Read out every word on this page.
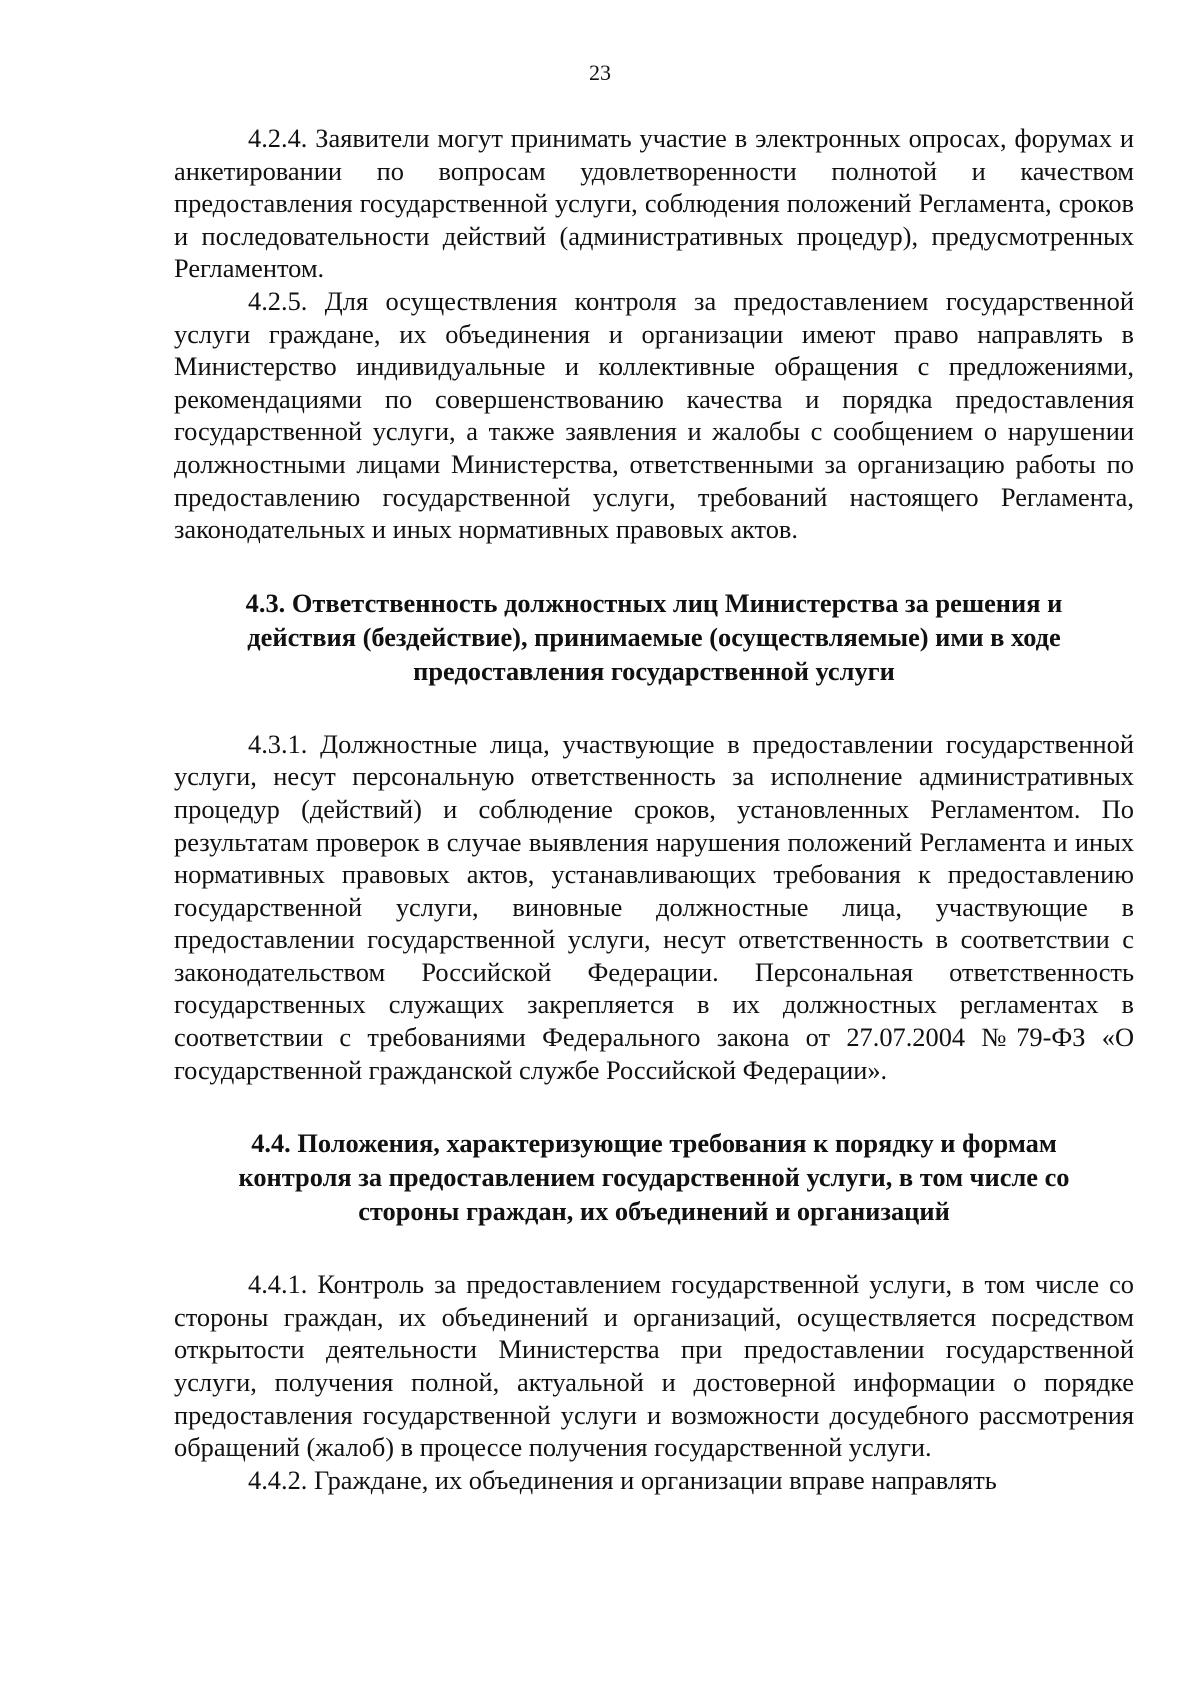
23

4.2.4. Заявители могут принимать участие в электронных опросах, форумах и анкетировании по вопросам удовлетворенности полнотой и качеством предоставления государственной услуги, соблюдения положений Регламента, сроков и последовательности действий (административных процедур), предусмотренных Регламентом.

4.2.5. Для осуществления контроля за предоставлением государственной услуги граждане, их объединения и организации имеют право направлять в Министерство индивидуальные и коллективные обращения с предложениями, рекомендациями по совершенствованию качества и порядка предоставления государственной услуги, а также заявления и жалобы с сообщением о нарушении должностными лицами Министерства, ответственными за организацию работы по предоставлению государственной услуги, требований настоящего Регламента, законодательных и иных нормативных правовых актов.

4.3. Ответственность должностных лиц Министерства за решения и действия (бездействие), принимаемые (осуществляемые) ими в ходе предоставления государственной услуги

4.3.1. Должностные лица, участвующие в предоставлении государственной услуги, несут персональную ответственность за исполнение административных процедур (действий) и соблюдение сроков, установленных Регламентом. По результатам проверок в случае выявления нарушения положений Регламента и иных нормативных правовых актов, устанавливающих требования к предоставлению государственной услуги, виновные должностные лица, участвующие в предоставлении государственной услуги, несут ответственность в соответствии с законодательством Российской Федерации. Персональная ответственность государственных служащих закрепляется в их должностных регламентах в соответствии с требованиями Федерального закона от 27.07.2004 №79-ФЗ «О государственной гражданской службе Российской Федерации».

4.4. Положения, характеризующие требования к порядку и формам контроля за предоставлением государственной услуги, в том числе со стороны граждан, их объединений и организаций

4.4.1. Контроль за предоставлением государственной услуги, в том числе со стороны граждан, их объединений и организаций, осуществляется посредством открытости деятельности Министерства при предоставлении государственной услуги, получения полной, актуальной и достоверной информации о порядке предоставления государственной услуги и возможности досудебного рассмотрения обращений (жалоб) в процессе получения государственной услуги.

4.4.2. Граждане, их объединения и организации вправе направлять
